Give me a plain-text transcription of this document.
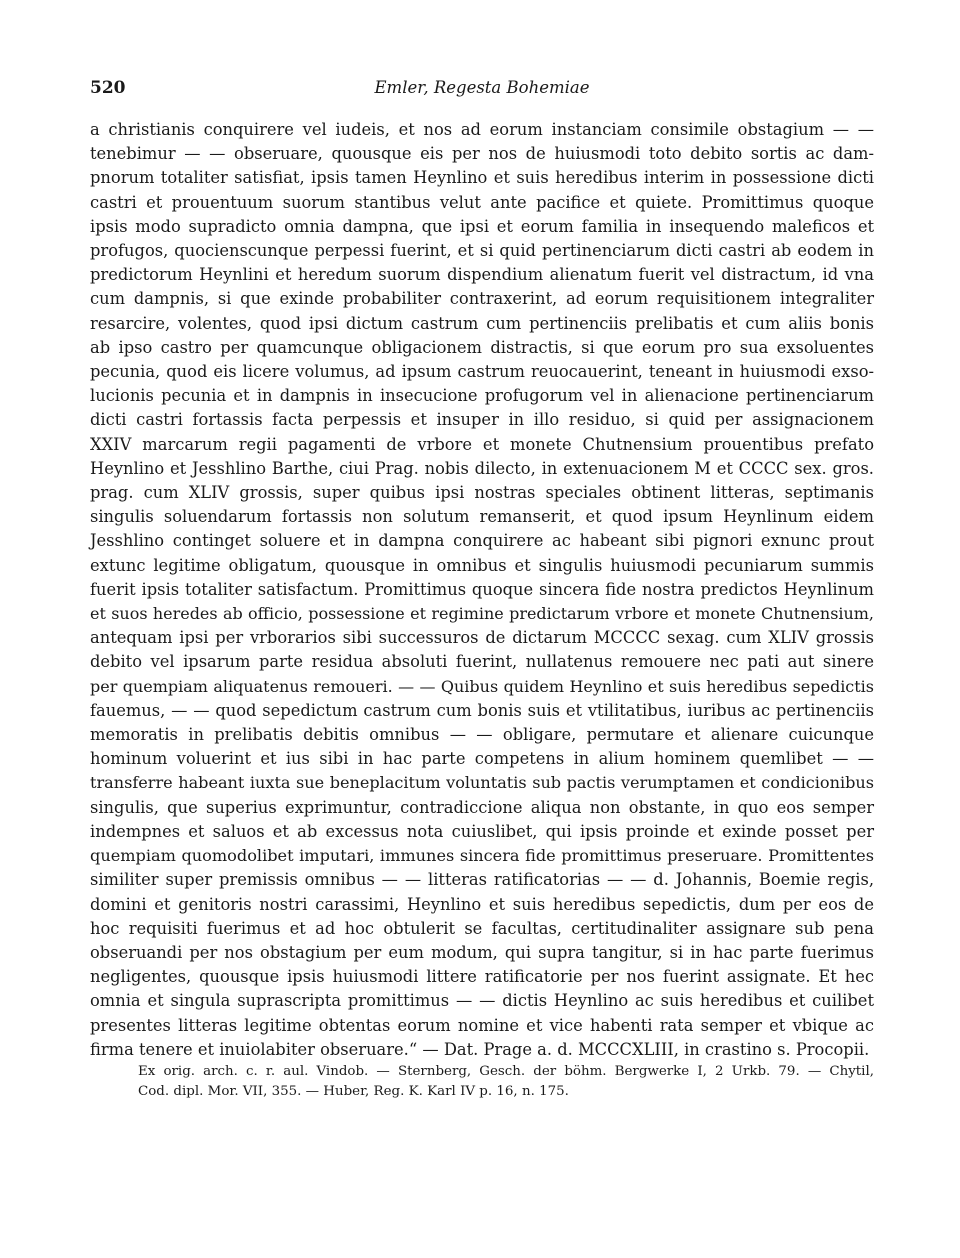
520	Emler, Regesta Bohemiae
a christianis conquirere vel iudeis, et nos ad eorum instanciam consimile obstagium — —
tenebimur — — obseruare, quousque eis per nos de huiusmodi toto debito sortis ac dam-
pnorum totaliter satisfiat, ipsis tamen Heynlino et suis heredibus interim in possessione dicti
castri et prouentuum suorum stantibus velut ante pacifice et quiete. Promittimus quoque
ipsis modo supradicto omnia dampna, que ipsi et eorum familia in insequendo maleficos et
profugos, quocienscunque perpessi fuerint, et si quid pertinenciarum dicti castri ab eodem in
predictorum Heynlini et heredum suorum dispendium alienatum fuerit vel distractum, id vna
cum dampnis, si que exinde probabiliter contraxerint, ad eorum requisitionem integraliter
resarcire, volentes, quod ipsi dictum castrum cum pertinenciis prelibatis et cum aliis bonis
ab ipso castro per quamcunque obligacionem distractis, si que eorum pro sua exsoluentes
pecunia, quod eis licere volumus, ad ipsum castrum reuocauerint, teneant in huiusmodi exso-
lucionis pecunia et in dampnis in insecucione profugorum vel in alienacione pertinenciarum
dicti castri fortassis facta perpessis et insuper in illo residuo, si quid per assignacionem
XXIV marcarum regii pagamenti de vrbore et monete Chutnensium prouentibus prefato
Heynlino et Jesshlino Barthe, ciui Prag. nobis dilecto, in extenuacionem M et CCCC sex. gros.
prag. cum XLIV grossis, super quibus ipsi nostras speciales obtinent litteras, septimanis
singulis soluendarum fortassis non solutum remanserit, et quod ipsum Heynlinum eidem
Jesshlino continget soluere et in dampna conquirere ac habeant sibi pignori exnunc prout
extunc legitime obligatum, quousque in omnibus et singulis huiusmodi pecuniarum summis
fuerit ipsis totaliter satisfactum. Promittimus quoque sincera fide nostra predictos Heynlinum
et suos heredes ab officio, possessione et regimine predictarum vrbore et monete Chutnensium,
antequam ipsi per vrborarios sibi successuros de dictarum MCCCC sexag. cum XLIV grossis
debito vel ipsarum parte residua absoluti fuerint, nullatenus remouere nec pati aut sinere
per quempiam aliquatenus remoueri. — — Quibus quidem Heynlino et suis heredibus sepedictis
fauemus, — — quod sepedictum castrum cum bonis suis et vtilitatibus, iuribus ac pertinenciis
memoratis in prelibatis debitis omnibus — — obligare, permutare et alienare cuicunque
hominum voluerint et ius sibi in hac parte competens in alium hominem quemlibet — —
transferre habeant iuxta sue beneplacitum voluntatis sub pactis verumptamen et condicionibus
singulis, que superius exprimuntur, contradiccione aliqua non obstante, in quo eos semper
indempnes et saluos et ab excessus nota cuiuslibet, qui ipsis proinde et exinde posset per
quempiam quomodolibet imputari, immunes sincera fide promittimus preseruare. Promittentes
similiter super premissis omnibus — — litteras ratificatorias — — d. Johannis, Boemie regis,
domini et genitoris nostri carassimi, Heynlino et suis heredibus sepedictis, dum per eos de
hoc requisiti fuerimus et ad hoc obtulerit se facultas, certitudinaliter assignare sub pena
obseruandi per nos obstagium per eum modum, qui supra tangitur, si in hac parte fuerimus
negligentes, quousque ipsis huiusmodi littere ratificatorie per nos fuerint assignate. Et hec
omnia et singula suprascripta promittimus — — dictis Heynlino ac suis heredibus et cuilibet
presentes litteras legitime obtentas eorum nomine et vice habenti rata semper et vbique ac
firma tenere et inuiolabiter obseruare.“ — Dat. Prage a. d. MCCCXLIII, in crastino s. Procopii.
Ex orig. arch. c. r. aul. Vindob. — Sternberg, Gesch. der böhm. Bergwerke I, 2 Urkb. 79. — Chytil,
Cod. dipl. Mor. VII, 355. — Huber, Reg. K. Karl IV p. 16, n. 175.
